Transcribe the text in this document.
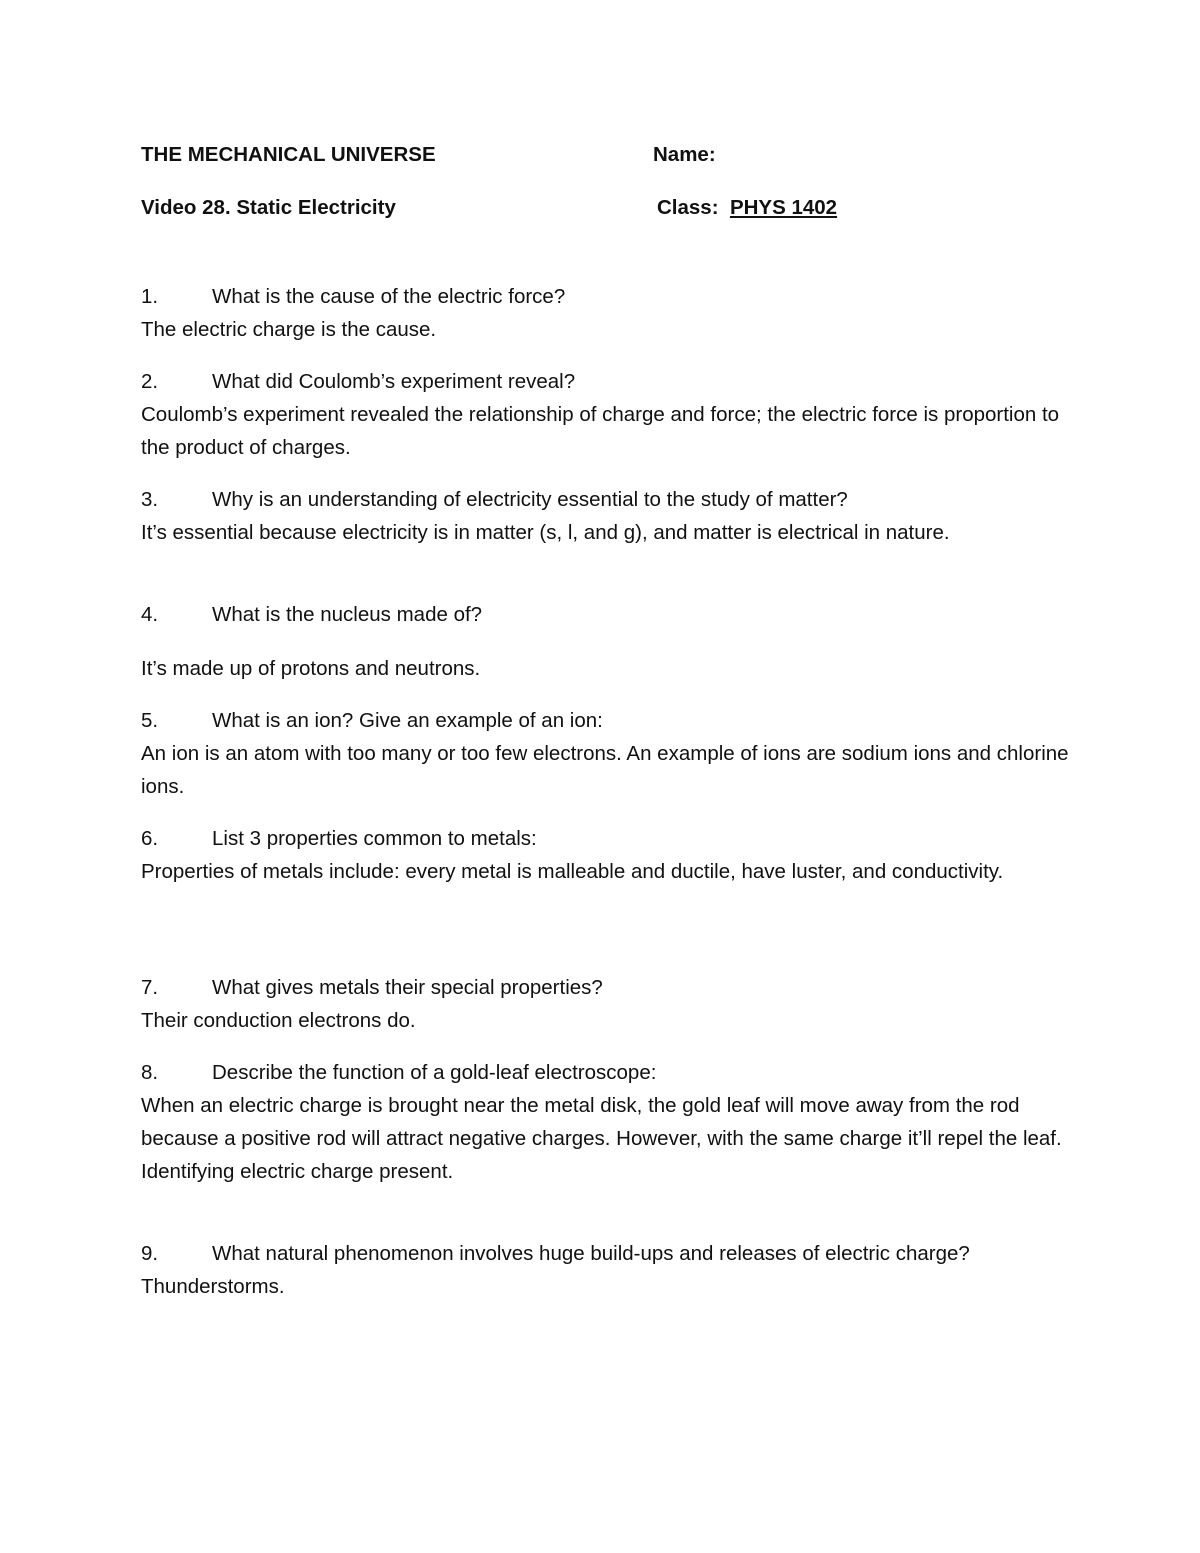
THE MECHANICAL UNIVERSE	Name:
Video 28. Static Electricity	Class: PHYS 1402
1.	What is the cause of the electric force?

The electric charge is the cause.

2.	What did Coulomb’s experiment reveal?

Coulomb’s experiment revealed the relationship of charge and force; the electric force is proportion to the product of charges.

3.	Why is an understanding of electricity essential to the study of matter?

It’s essential because electricity is in matter (s, l, and g), and matter is electrical in nature.

4.	What is the nucleus made of?

It’s made up of protons and neutrons.

5.	What is an ion? Give an example of an ion:

An ion is an atom with too many or too few electrons. An example of ions are sodium ions and chlorine ions.

6.	List 3 properties common to metals:

Properties of metals include: every metal is malleable and ductile, have luster, and conductivity.

7.	What gives metals their special properties?

Their conduction electrons do.

8.	Describe the function of a gold-leaf electroscope:

When an electric charge is brought near the metal disk, the gold leaf will move away from the rod because a positive rod will attract negative charges. However, with the same charge it’ll repel the leaf. Identifying electric charge present.

9.	What natural phenomenon involves huge build-ups and releases of electric charge?

Thunderstorms.
